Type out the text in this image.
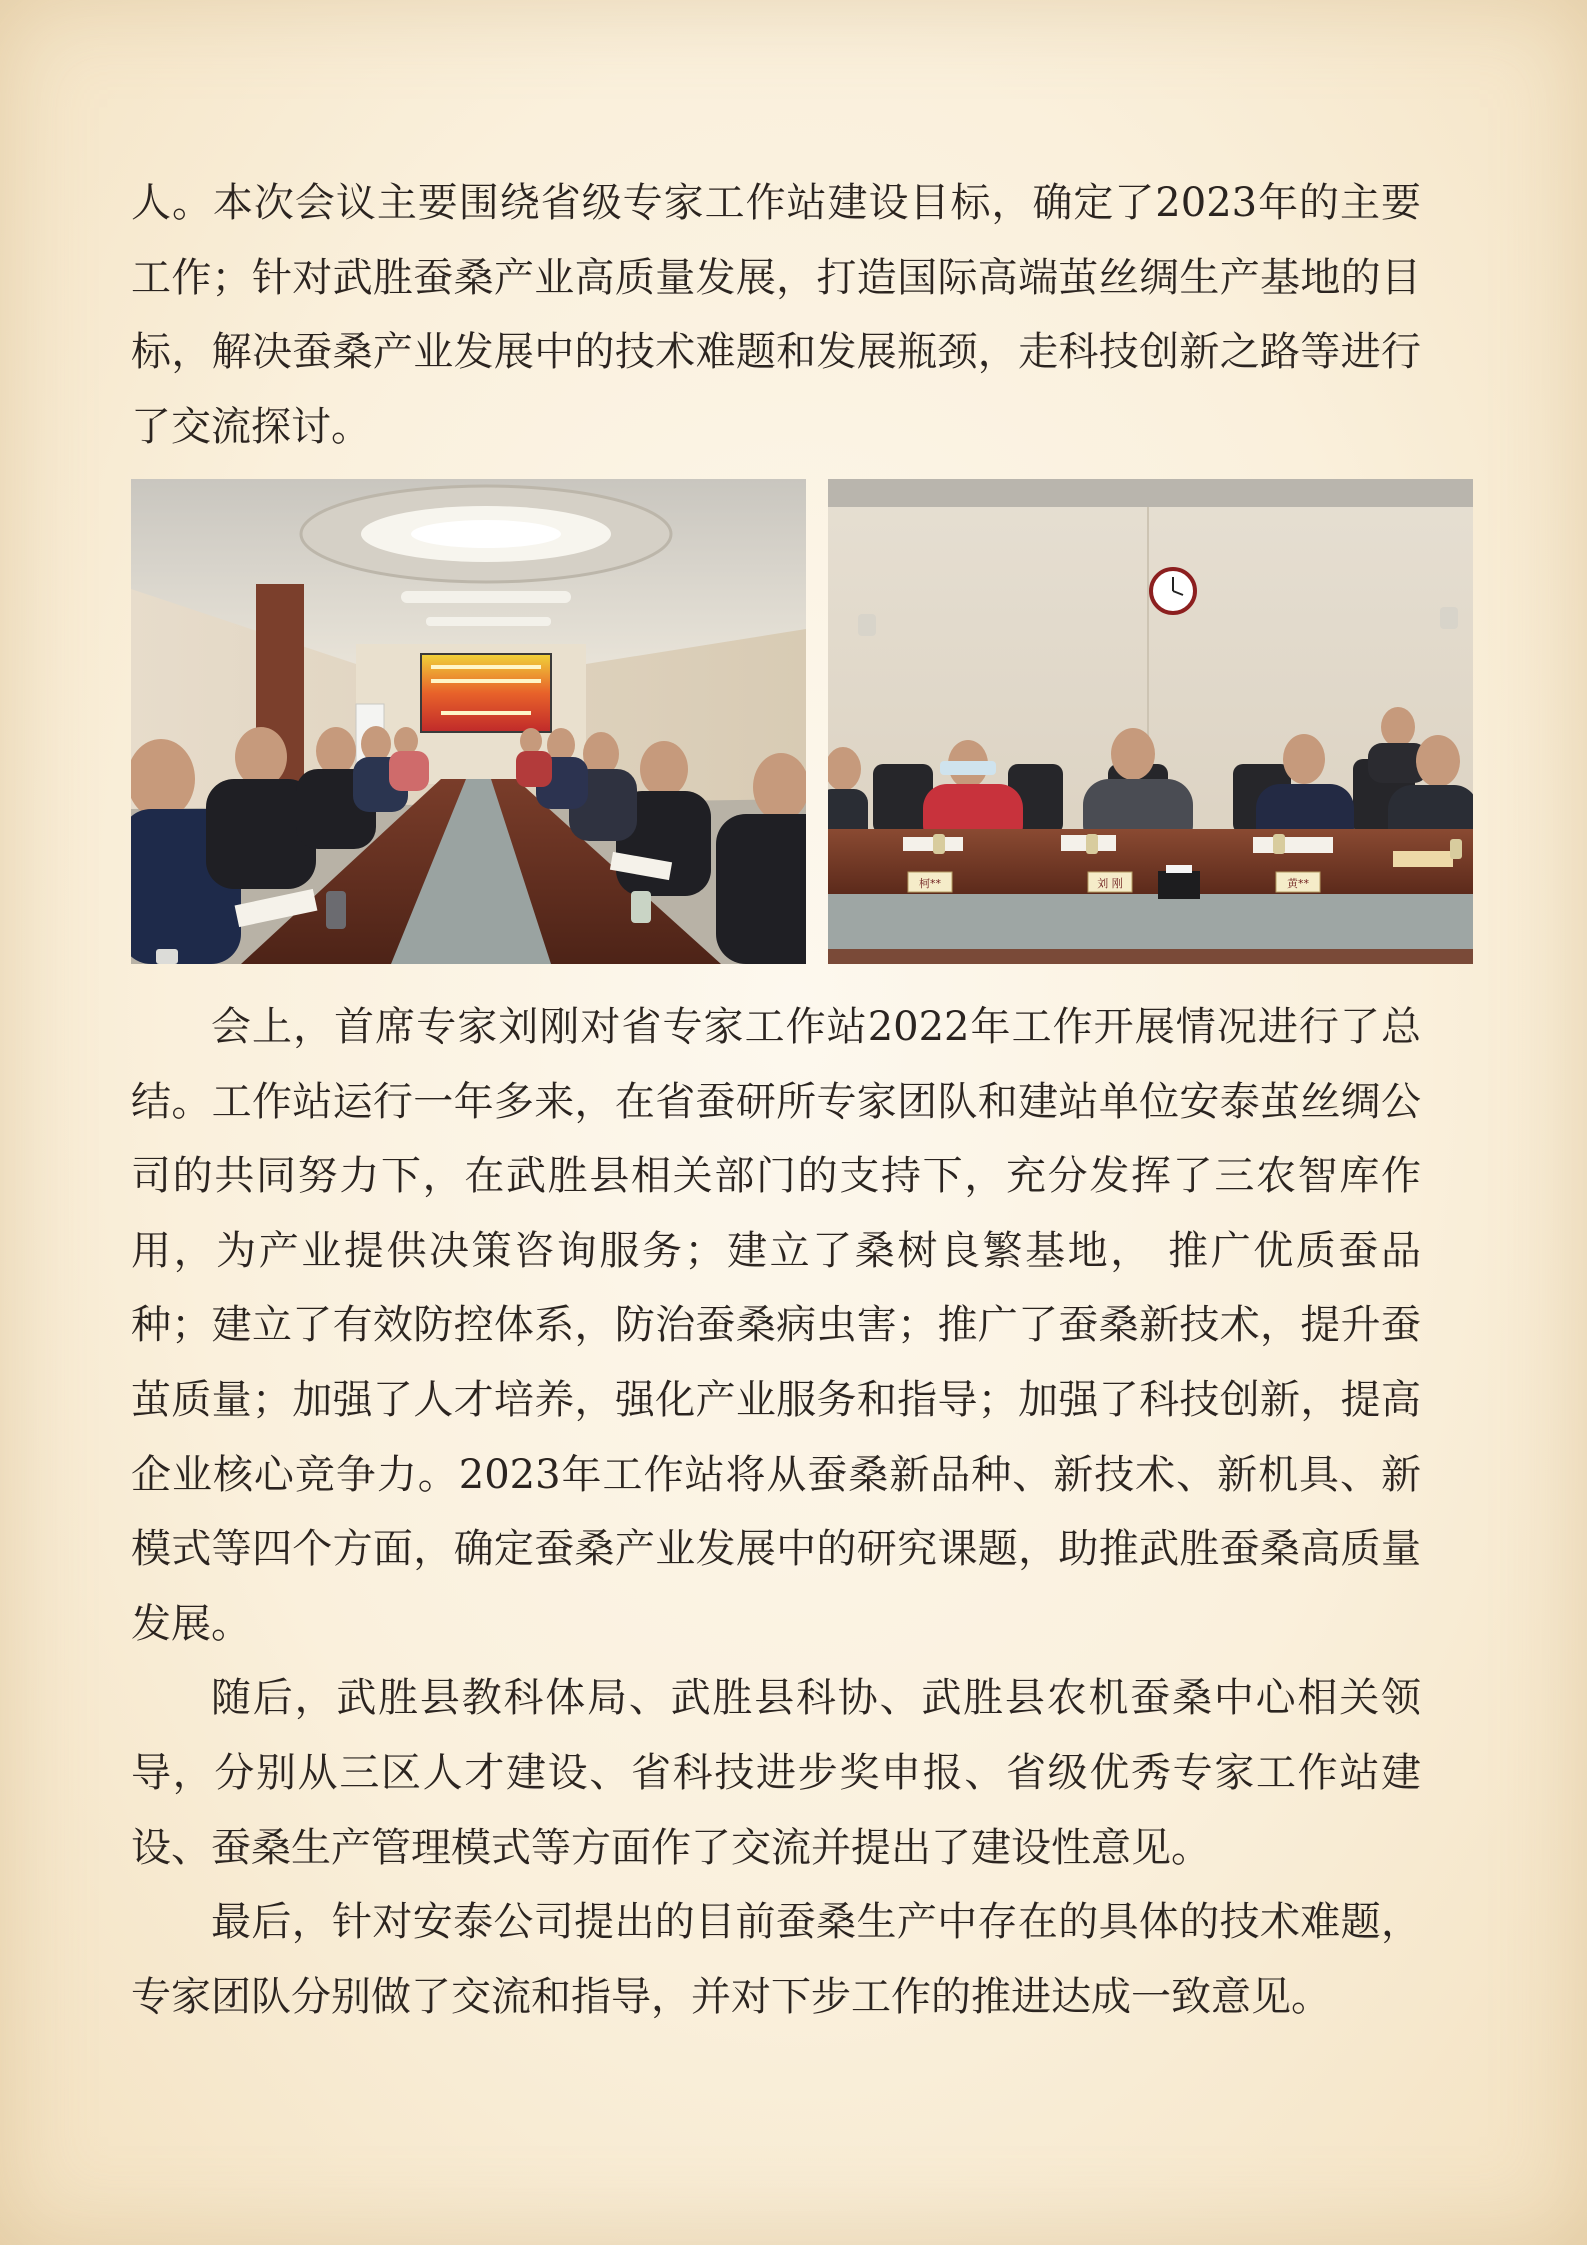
人。本次会议主要围绕省级专家工作站建设目标，确定了2023年的主要工作；针对武胜蚕桑产业高质量发展，打造国际高端茧丝绸生产基地的目标，解决蚕桑产业发展中的技术难题和发展瓶颈，走科技创新之路等进行了交流探讨。

柯**	刘 刚	黄**

会上，首席专家刘刚对省专家工作站2022年工作开展情况进行了总结。工作站运行一年多来，在省蚕研所专家团队和建站单位安泰茧丝绸公司的共同努力下，在武胜县相关部门的支持下，充分发挥了三农智库作用，为产业提供决策咨询服务；建立了桑树良繁基地， 推广优质蚕品种；建立了有效防控体系，防治蚕桑病虫害；推广了蚕桑新技术，提升蚕茧质量；加强了人才培养，强化产业服务和指导；加强了科技创新，提高企业核心竞争力。2023年工作站将从蚕桑新品种、新技术、新机具、新模式等四个方面，确定蚕桑产业发展中的研究课题，助推武胜蚕桑高质量发展。

随后，武胜县教科体局、武胜县科协、武胜县农机蚕桑中心相关领导，分别从三区人才建设、省科技进步奖申报、省级优秀专家工作站建设、蚕桑生产管理模式等方面作了交流并提出了建设性意见。

最后，针对安泰公司提出的目前蚕桑生产中存在的具体的技术难题，专家团队分别做了交流和指导，并对下步工作的推进达成一致意见。
